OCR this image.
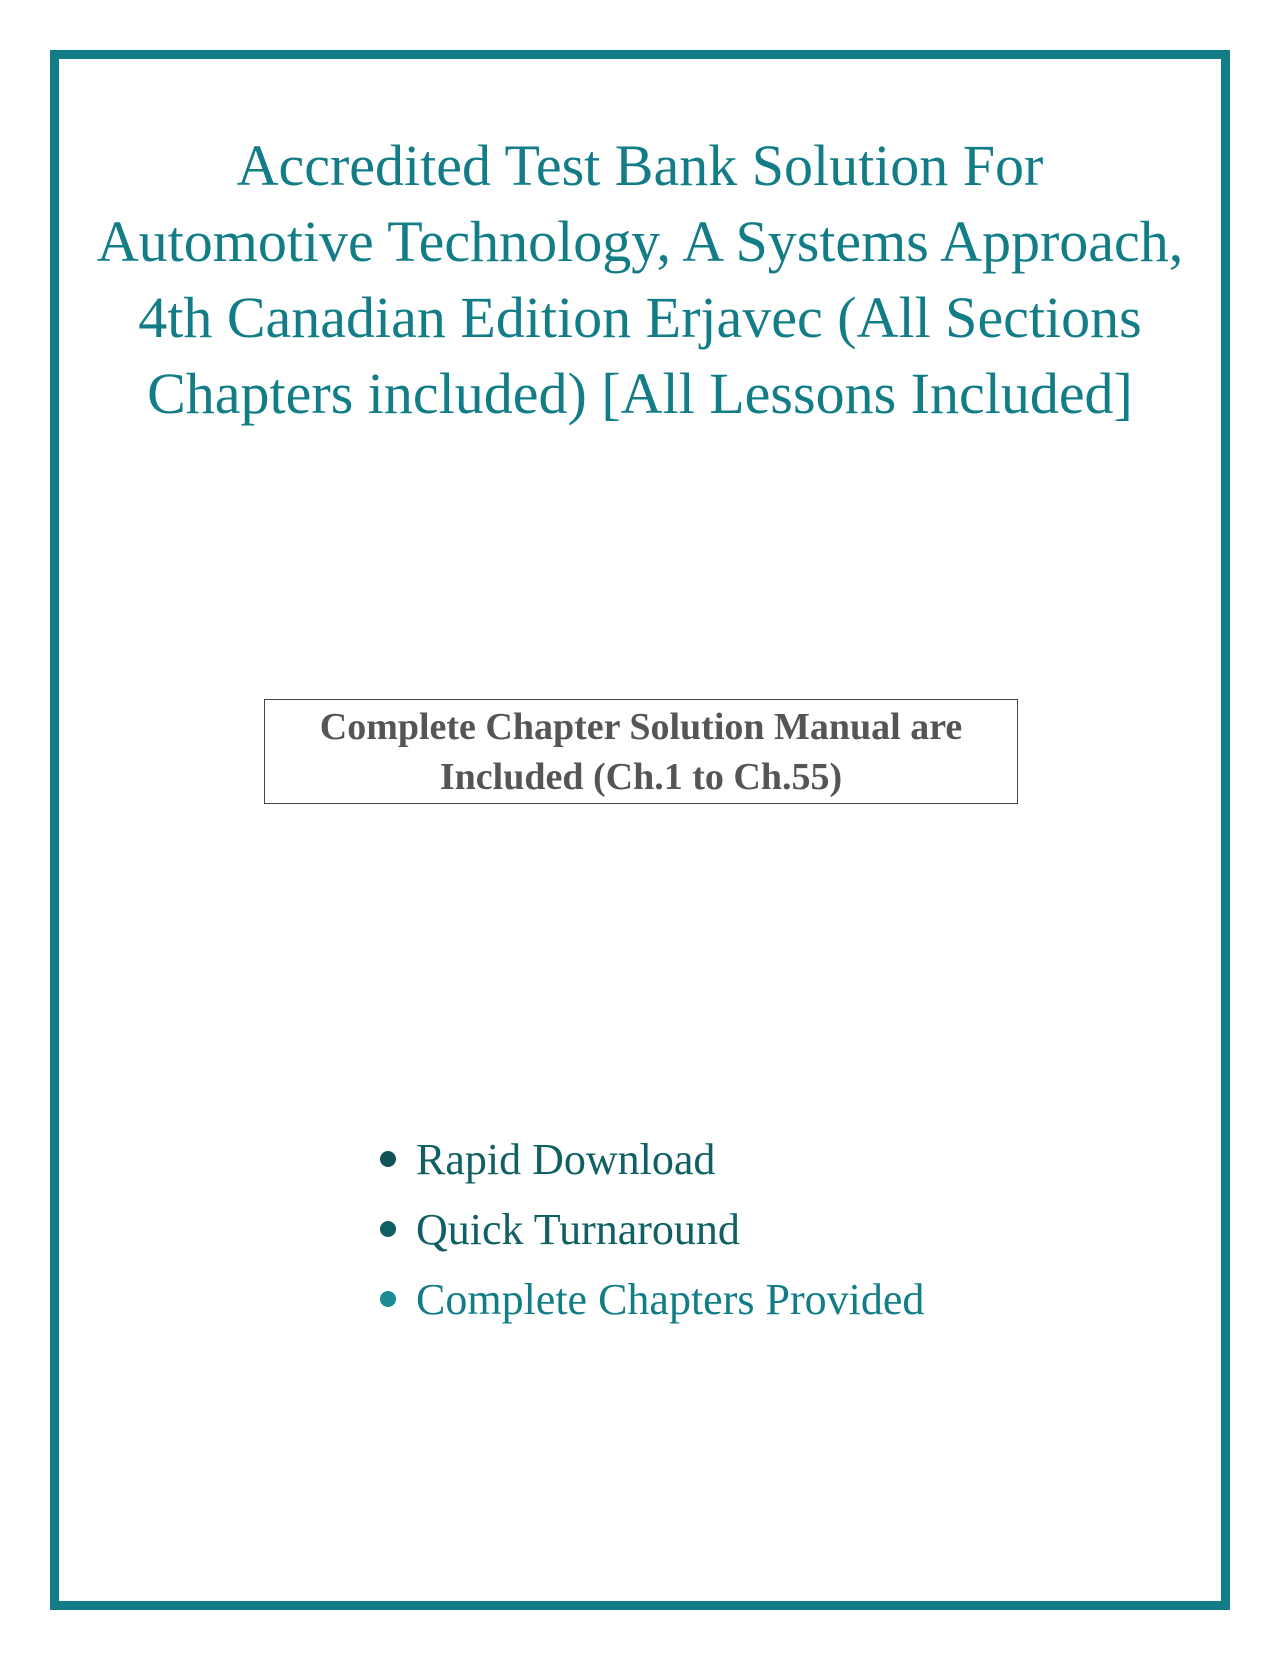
Accredited Test Bank Solution For Automotive Technology, A Systems Approach, 4th Canadian Edition Erjavec (All Sections Chapters included) [All Lessons Included]
Complete Chapter Solution Manual are Included (Ch.1 to Ch.55)
Rapid Download
Quick Turnaround
Complete Chapters Provided
